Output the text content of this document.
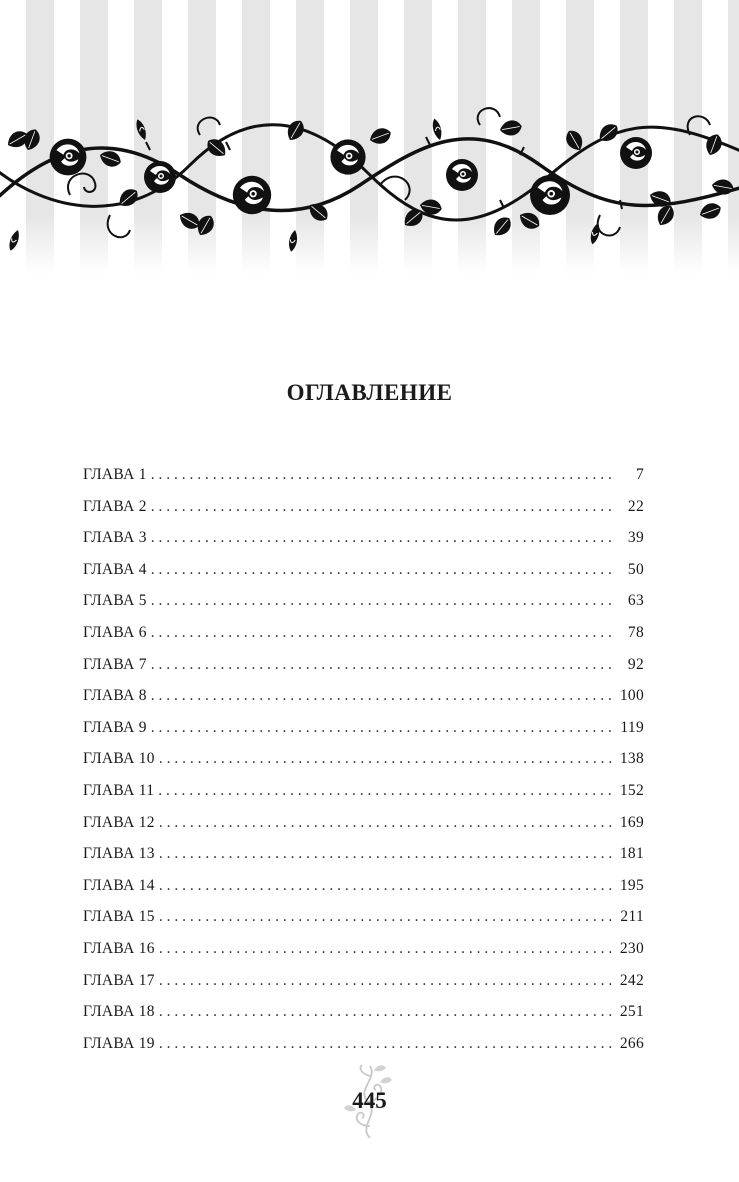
ОГЛАВЛЕНИЕ
ГЛАВА 1 . . .	7
ГЛАВА 2 . . .	22
ГЛАВА 3 . . .	39
ГЛАВА 4 . . .	50
ГЛАВА 5 . . .	63
ГЛАВА 6 . . .	78
ГЛАВА 7 . . .	92
ГЛАВА 8 . . .	100
ГЛАВА 9 . . .	119
ГЛАВА 10 . . .	138
ГЛАВА 11 . . .	152
ГЛАВА 12 . . .	169
ГЛАВА 13 . . .	181
ГЛАВА 14 . . .	195
ГЛАВА 15 . . .	211
ГЛАВА 16 . . .	230
ГЛАВА 17 . . .	242
ГЛАВА 18 . . .	251
ГЛАВА 19 . . .	266
445
